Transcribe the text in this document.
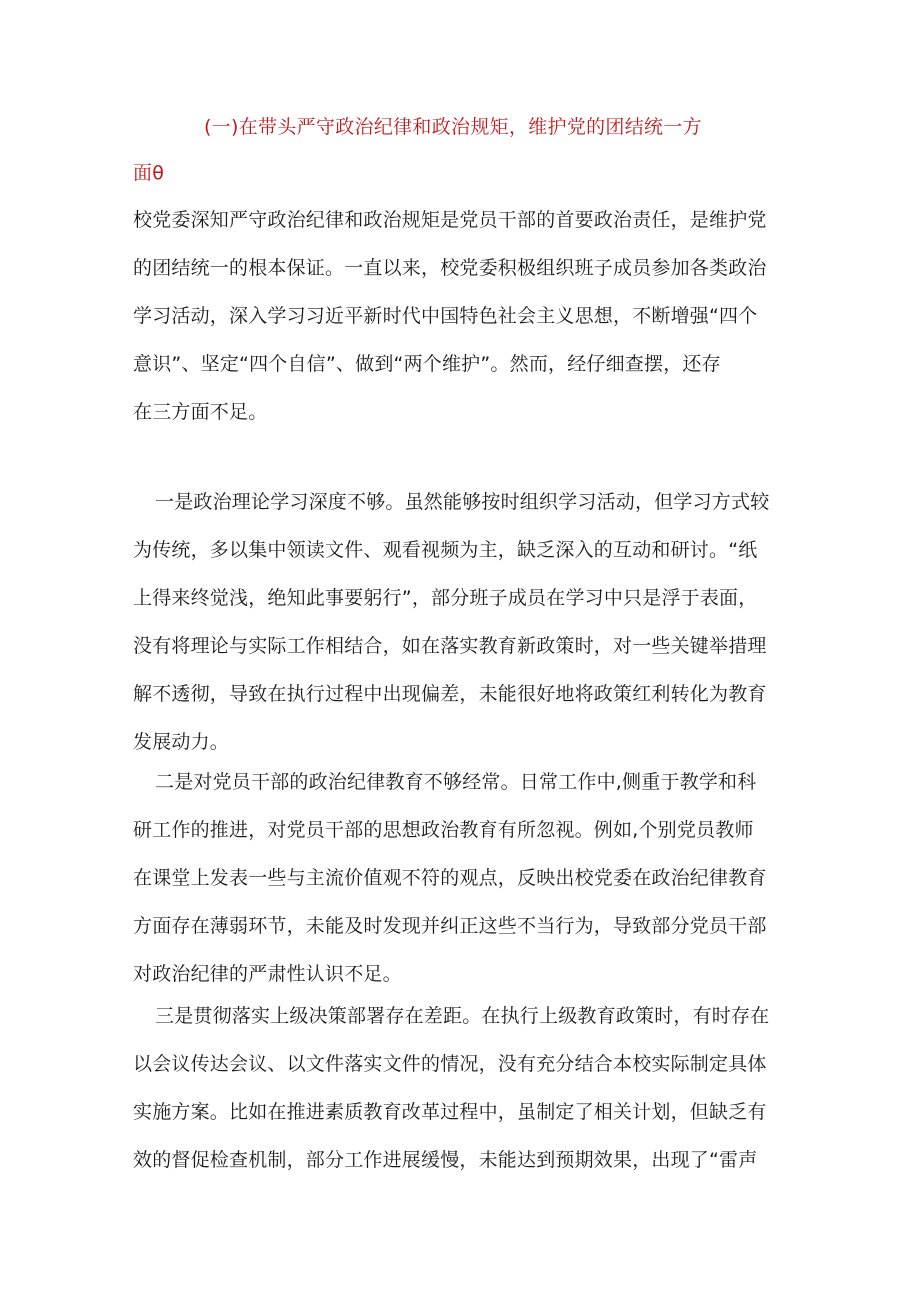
(一)在带头严守政治纪律和政治规矩，维护党的团结统一方
面θ
校党委深知严守政治纪律和政治规矩是党员干部的首要政治责任，是维护党
的团结统一的根本保证。一直以来，校党委积极组织班子成员参加各类政治
学习活动，深入学习习近平新时代中国特色社会主义思想，不断增强“四个
意识”、坚定“四个自信”、做到“两个维护”。然而，经仔细查摆，还存
在三方面不足。
一是政治理论学习深度不够。虽然能够按时组织学习活动，但学习方式较
为传统，多以集中领读文件、观看视频为主，缺乏深入的互动和研讨。“纸
上得来终觉浅，绝知此事要躬行”，部分班子成员在学习中只是浮于表面，
没有将理论与实际工作相结合，如在落实教育新政策时，对一些关键举措理
解不透彻，导致在执行过程中出现偏差，未能很好地将政策红利转化为教育
发展动力。
二是对党员干部的政治纪律教育不够经常。日常工作中,侧重于教学和科
研工作的推进，对党员干部的思想政治教育有所忽视。例如,个别党员教师
在课堂上发表一些与主流价值观不符的观点，反映出校党委在政治纪律教育
方面存在薄弱环节，未能及时发现并纠正这些不当行为，导致部分党员干部
对政治纪律的严肃性认识不足。
三是贯彻落实上级决策部署存在差距。在执行上级教育政策时，有时存在
以会议传达会议、以文件落实文件的情况，没有充分结合本校实际制定具体
实施方案。比如在推进素质教育改革过程中，虽制定了相关计划，但缺乏有
效的督促检查机制，部分工作进展缓慢，未能达到预期效果，出现了“雷声
